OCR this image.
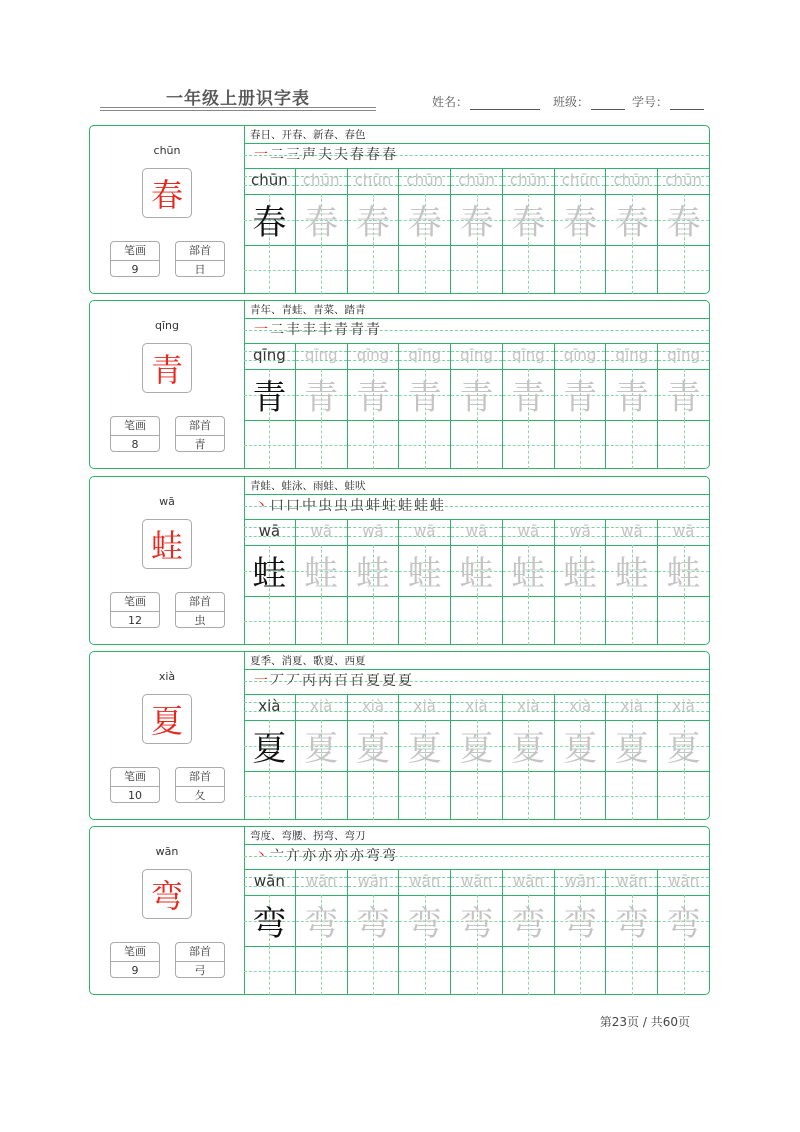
一年级上册识字表	姓名：	班级：	学号：
chūn
春
笔画
9
部首
日
春日、开春、新春、春色
一 二 三 声 夫 夫 春 春 春
chūn	chūn	chūn	chūn	chūn	chūn	chūn	chūn	chūn
春 春 春 春 春 春 春 春 春
qīng
青
笔画
8
部首
青
青年、青蛙、青菜、踏青
一 二 丰 丰 丰 青 青 青
qīng	qīng	qīng	qīng	qīng	qīng	qīng	qīng	qīng
青 青 青 青 青 青 青 青 青
wā
蛙
笔画
12
部首
虫
青蛙、蛙泳、雨蛙、蛙吠
丶 口 口 中 虫 虫 虫 蚌 蛀 蛙 蛙 蛙
wā	wā	wā	wā	wā	wā	wā	wā	wā
蛙 蛙 蛙 蛙 蛙 蛙 蛙 蛙 蛙
xià
夏
笔画
10
部首
夂
夏季、消夏、歌夏、西夏
一 丆 丆 丙 丙 百 百 夏 夏 夏
xià	xià	xià	xià	xià	xià	xià	xià	xià
夏 夏 夏 夏 夏 夏 夏 夏 夏
wān
弯
笔画
9
部首
弓
弯度、弯腰、拐弯、弯刀
丶 亠 亣 亦 亦 亦 亦 弯 弯
wān	wān	wān	wān	wān	wān	wān	wān	wān
弯 弯 弯 弯 弯 弯 弯 弯 弯
第23页 / 共60页
